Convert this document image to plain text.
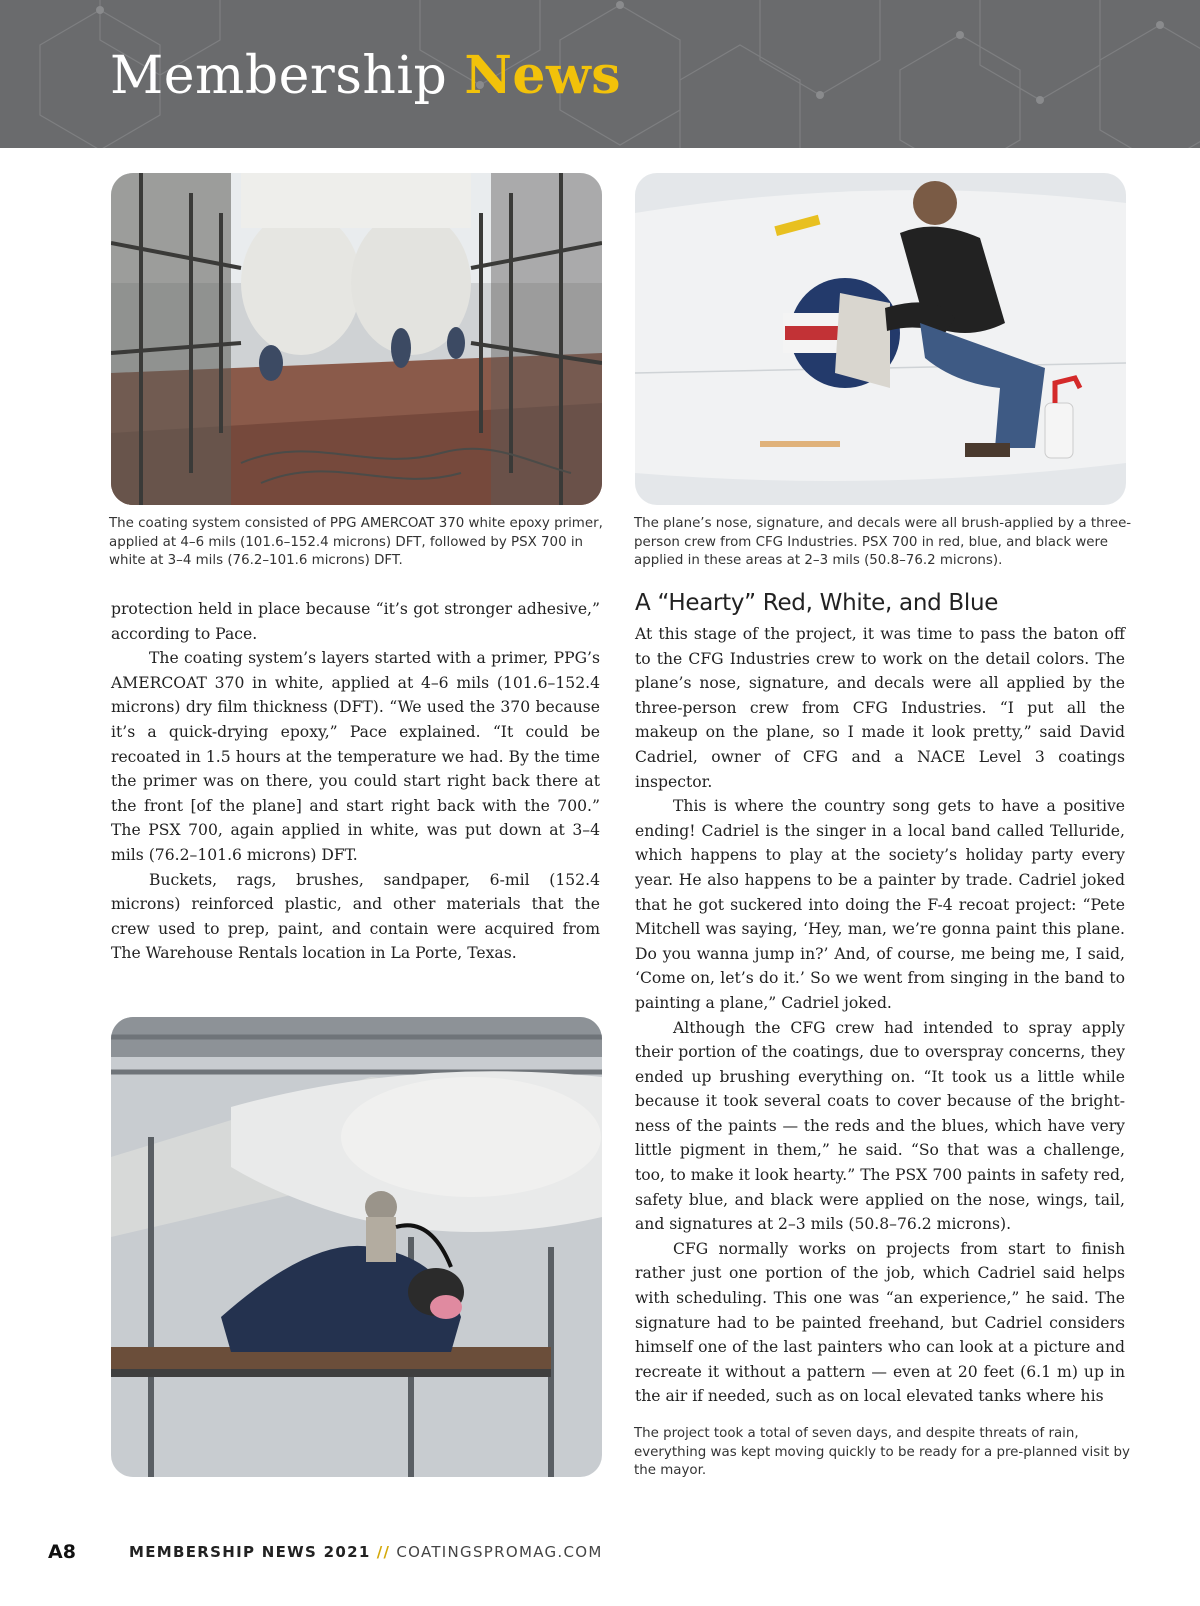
Membership News
The coating system consisted of PPG AMERCOAT 370 white epoxy primer, applied at 4–6 mils (101.6–152.4 microns) DFT, followed by PSX 700 in white at 3–4 mils (76.2–101.6 microns) DFT.
The plane’s nose, signature, and decals were all brush-applied by a three-person crew from CFG Industries. PSX 700 in red, blue, and black were applied in these areas at 2–3 mils (50.8–76.2 microns).
The project took a total of seven days, and despite threats of rain, everything was kept moving quickly to be ready for a pre-planned visit by the mayor.

protection held in place because “it’s got stronger adhesive,” according to Pace.

The coating system’s layers started with a primer, PPG’s AMERCOAT 370 in white, applied at 4–6 mils (101.6–152.4 microns) dry film thickness (DFT). “We used the 370 because it’s a quick-drying epoxy,” Pace explained. “It could be recoated in 1.5 hours at the temperature we had. By the time the primer was on there, you could start right back there at the front [of the plane] and start right back with the 700.” The PSX 700, again applied in white, was put down at 3–4 mils (76.2–101.6 microns) DFT.

Buckets, rags, brushes, sandpaper, 6-mil (152.4 microns) reinforced plastic, and other materials that the crew used to prep, paint, and contain were acquired from The Warehouse Rentals location in La Porte, Texas.

A “Hearty” Red, White, and Blue

At this stage of the project, it was time to pass the baton off to the CFG Industries crew to work on the detail colors. The plane’s nose, signature, and decals were all applied by the three-person crew from CFG Industries. “I put all the makeup on the plane, so I made it look pretty,” said David Cadriel, owner of CFG and a NACE Level 3 coatings inspector.

This is where the country song gets to have a positive ending! Cadriel is the singer in a local band called Telluride, which happens to play at the society’s holiday party every year. He also happens to be a painter by trade. Cadriel joked that he got suckered into doing the F-4 recoat project: “Pete Mitchell was saying, ‘Hey, man, we’re gonna paint this plane. Do you wanna jump in?’ And, of course, me being me, I said, ‘Come on, let’s do it.’ So we went from singing in the band to painting a plane,” Cadriel joked.

Although the CFG crew had intended to spray apply their portion of the coatings, due to overspray concerns, they ended up brushing everything on. “It took us a little while because it took several coats to cover because of the bright-ness of the paints — the reds and the blues, which have very little pigment in them,” he said. “So that was a challenge, too, to make it look hearty.” The PSX 700 paints in safety red, safety blue, and black were applied on the nose, wings, tail, and signatures at 2–3 mils (50.8–76.2 microns).

CFG normally works on projects from start to finish rather just one portion of the job, which Cadriel said helps with scheduling. This one was “an experience,” he said. The signature had to be painted freehand, but Cadriel considers himself one of the last painters who can look at a picture and recreate it without a pattern — even at 20 feet (6.1 m) up in the air if needed, such as on local elevated tanks where his

A8	MEMBERSHIP NEWS 2021 // COATINGSPROMAG.COM
